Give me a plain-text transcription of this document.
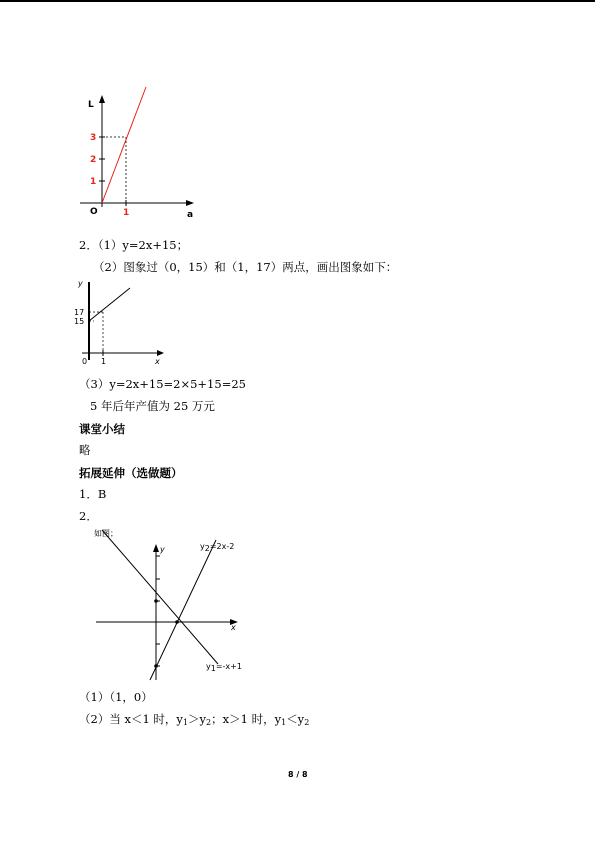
L
a
O
1
2
3
1
2．（1）y=2x+15；
（2）图象过（0，15）和（1，17）两点，画出图象如下：
y
x
0
17
15
1
（3）y=2x+15=2×5+15=25
5 年后年产值为 25 万元
课堂小结
略
拓展延伸（选做题）
1．B
2．
y
x
如图；
$y_2=2x-2$
$y_1=-x+1$
（1）（1，0）
（2）当 x＜1 时，$y_1>y_2$；x＞1 时，$y_1<y_2$
8 / 8
